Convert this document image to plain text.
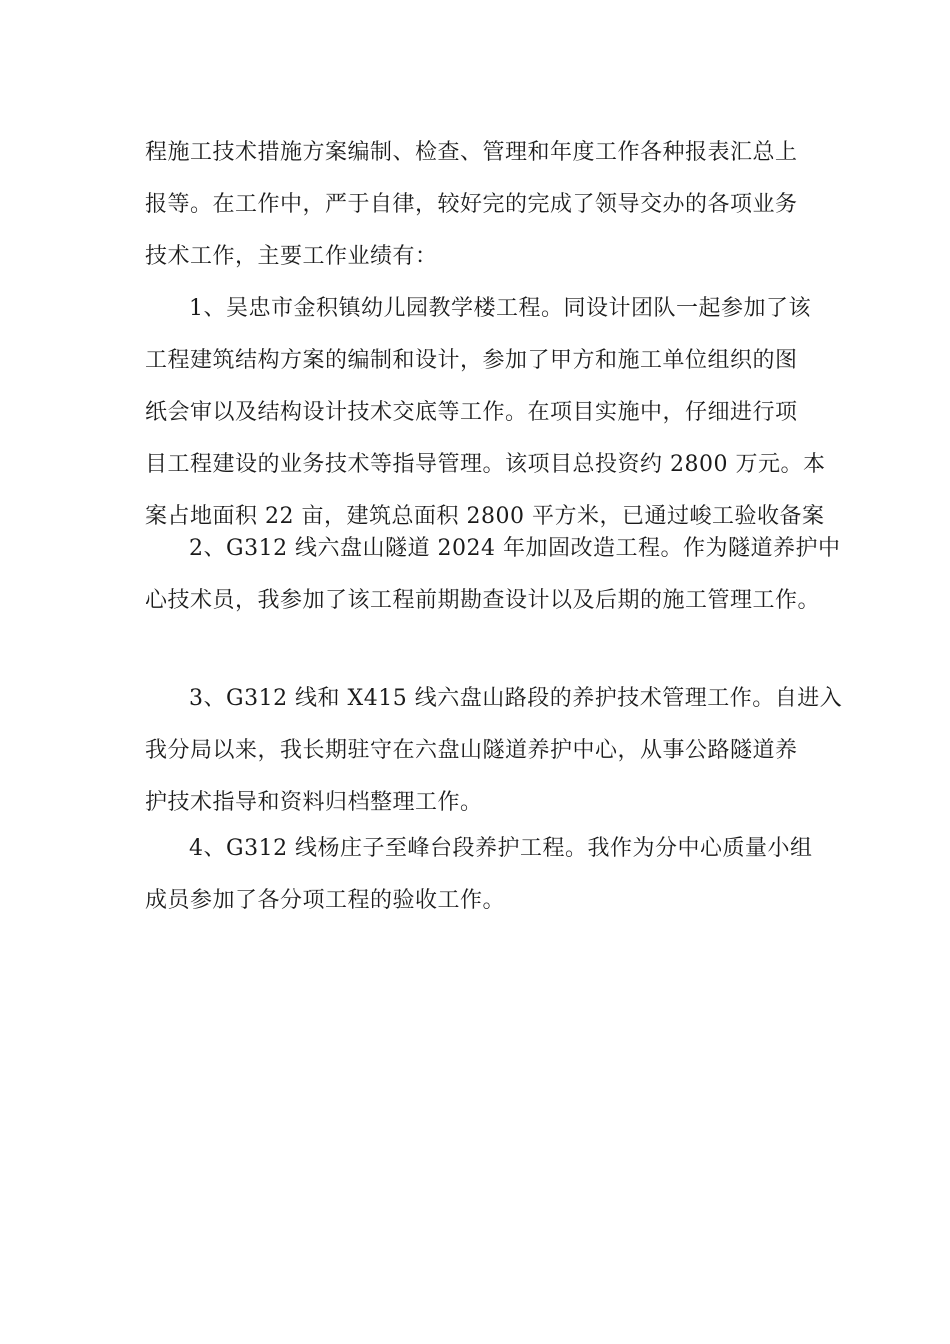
程施工技术措施方案编制、检查、管理和年度工作各种报表汇总上
报等。在工作中，严于自律，较好完的完成了领导交办的各项业务
技术工作，主要工作业绩有：
1、吴忠市金积镇幼儿园教学楼工程。同设计团队一起参加了该
工程建筑结构方案的编制和设计，参加了甲方和施工单位组织的图
纸会审以及结构设计技术交底等工作。在项目实施中，仔细进行项
目工程建设的业务技术等指导管理。该项目总投资约 2800 万元。本
案占地面积 22 亩，建筑总面积 2800 平方米，已通过峻工验收备案
2、G312 线六盘山隧道 2024 年加固改造工程。作为隧道养护中
心技术员，我参加了该工程前期勘查设计以及后期的施工管理工作。
3、G312 线和 X415 线六盘山路段的养护技术管理工作。自进入
我分局以来，我长期驻守在六盘山隧道养护中心，从事公路隧道养
护技术指导和资料归档整理工作。
4、G312 线杨庄子至峰台段养护工程。我作为分中心质量小组
成员参加了各分项工程的验收工作。
